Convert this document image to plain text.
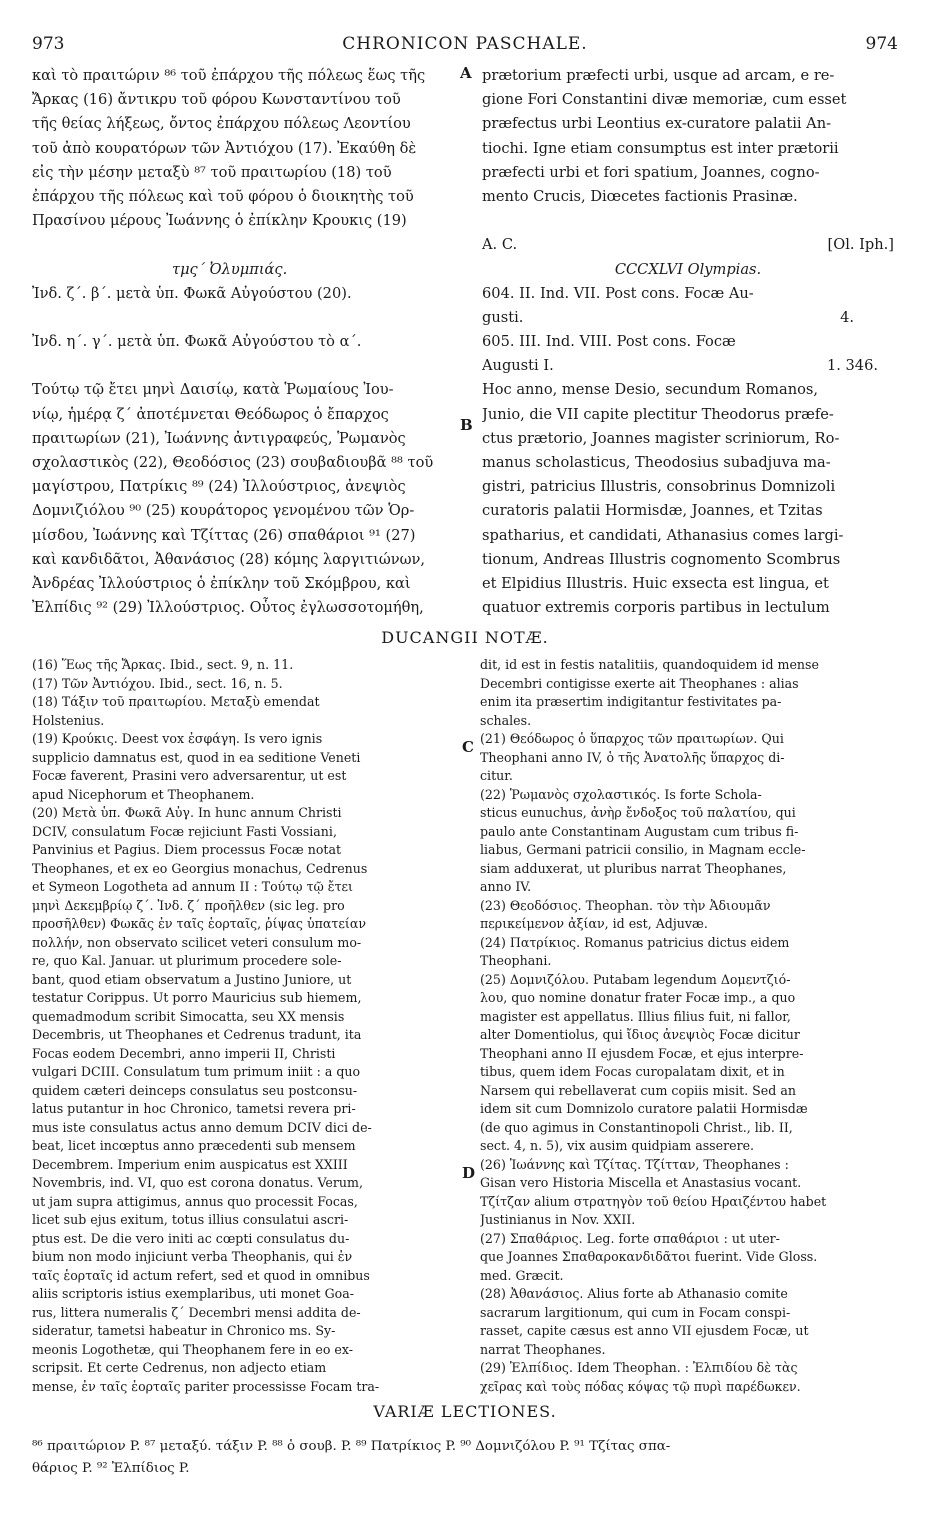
973	CHRONICON PASCHALE.	974
A
B
C
D
καὶ τὸ πραιτώριν ⁸⁶ τοῦ ἐπάρχου τῆς πόλεως ἕως τῆς
Ἄρκας (16) ἄντικρυ τοῦ φόρου Κωνσταντίνου τοῦ
τῆς θείας λήξεως, ὄντος ἐπάρχου πόλεως Λεοντίου
τοῦ ἀπὸ κουρατόρων τῶν Ἀντιόχου (17). Ἐκαύθη δὲ
εἰς τὴν μέσην μεταξὺ ⁸⁷ τοῦ πραιτωρίου (18) τοῦ
ἐπάρχου τῆς πόλεως καὶ τοῦ φόρου ὁ διοικητὴς τοῦ
Πρασίνου μέρους Ἰωάννης ὁ ἐπίκλην Κρουκις (19)
τμς´ Ὀλυμπιάς.
Ἰνδ. ζ´. β´. μετὰ ὑπ. Φωκᾶ Αὐγούστου (20).
Ἰνδ. η´. γ´. μετὰ ὑπ. Φωκᾶ Αὐγούστου τὸ α´.
Τούτῳ τῷ ἔτει μηνὶ Δαισίῳ, κατὰ Ῥωμαίους Ἰου-
νίῳ, ἡμέρᾳ ζ´ ἀποτέμνεται Θεόδωρος ὁ ἔπαρχος
πραιτωρίων (21), Ἰωάννης ἀντιγραφεύς, Ῥωμανὸς
σχολαστικὸς (22), Θεοδόσιος (23) σουβαδιουβᾶ ⁸⁸ τοῦ
μαγίστρου, Πατρίκις ⁸⁹ (24) Ἰλλούστριος, ἀνεψιὸς
Δομνιζιόλου ⁹⁰ (25) κουράτορος γενομένου τῶν Ὁρ-
μίσδου, Ἰωάννης καὶ Τζίττας (26) σπαθάριοι ⁹¹ (27)
καὶ κανδιδᾶτοι, Ἀθανάσιος (28) κόμης λαργιτιώνων,
Ἀνδρέας Ἰλλούστριος ὁ ἐπίκλην τοῦ Σκόμβρου, καὶ
Ἐλπίδις ⁹² (29) Ἰλλούστριος. Οὗτος ἐγλωσσοτομήθη,
prætorium præfecti urbi, usque ad arcam, e re-
gione Fori Constantini divæ memoriæ, cum esset
præfectus urbi Leontius ex-curatore palatii An-
tiochi. Igne etiam consumptus est inter prætorii
præfecti urbi et fori spatium, Joannes, cogno-
mento Crucis, Diœcetes factionis Prasinæ.
A. C.	[Ol. Iph.]
CCCXLVI Olympias.
604. II. Ind. VII. Post cons. Focæ Au-
gusti.	4.
605. III. Ind. VIII. Post cons. Focæ
Augusti I.	1. 346.
Hoc anno, mense Desio, secundum Romanos,
Junio, die VII capite plectitur Theodorus præfe-
ctus prætorio, Joannes magister scriniorum, Ro-
manus scholasticus, Theodosius subadjuva ma-
gistri, patricius Illustris, consobrinus Domnizoli
curatoris palatii Hormisdæ, Joannes, et Tzitas
spatharius, et candidati, Athanasius comes largi-
tionum, Andreas Illustris cognomento Scombrus
et Elpidius Illustris. Huic exsecta est lingua, et
quatuor extremis corporis partibus in lectulum
DUCANGII NOTÆ.
(16) Ἕως τῆς Ἄρκας. Ibid., sect. 9, n. 11.
(17) Τῶν Ἀντιόχου. Ibid., sect. 16, n. 5.
(18) Τάξιν τοῦ πραιτωρίου. Μεταξὺ emendat
Holstenius.
(19) Κρούκις. Deest vox ἐσφάγη. Is vero ignis
supplicio damnatus est, quod in ea seditione Veneti
Focæ faverent, Prasini vero adversarentur, ut est
apud Nicephorum et Theophanem.
(20) Μετὰ ὑπ. Φωκᾶ Αὐγ. In hunc annum Christi
DCIV, consulatum Focæ rejiciunt Fasti Vossiani,
Panvinius et Pagius. Diem processus Focæ notat
Theophanes, et ex eo Georgius monachus, Cedrenus
et Symeon Logotheta ad annum II : Τούτῳ τῷ ἔτει
μηνὶ Δεκεμβρίῳ ζ´. Ἰνδ. ζ´ προῆλθεν (sic leg. pro
προσῆλθεν) Φωκᾶς ἐν ταῖς ἑορταῖς, ῥίψας ὑπατείαν
πολλήν, non observato scilicet veteri consulum mo-
re, quo Kal. Januar. ut plurimum procedere sole-
bant, quod etiam observatum a Justino Juniore, ut
testatur Corippus. Ut porro Mauricius sub hiemem,
quemadmodum scribit Simocatta, seu XX mensis
Decembris, ut Theophanes et Cedrenus tradunt, ita
Focas eodem Decembri, anno imperii II, Christi
vulgari DCIII. Consulatum tum primum iniit : a quo
quidem cæteri deinceps consulatus seu postconsu-
latus putantur in hoc Chronico, tametsi revera pri-
mus iste consulatus actus anno demum DCIV dici de-
beat, licet incœptus anno præcedenti sub mensem
Decembrem. Imperium enim auspicatus est XXIII
Novembris, ind. VI, quo est corona donatus. Verum,
ut jam supra attigimus, annus quo processit Focas,
licet sub ejus exitum, totus illius consulatui ascri-
ptus est. De die vero initi ac cœpti consulatus du-
bium non modo injiciunt verba Theophanis, qui ἐν
ταῖς ἑορταῖς id actum refert, sed et quod in omnibus
aliis scriptoris istius exemplaribus, uti monet Goa-
rus, littera numeralis ζ´ Decembri mensi addita de-
sideratur, tametsi habeatur in Chronico ms. Sy-
meonis Logothetæ, qui Theophanem fere in eo ex-
scripsit. Et certe Cedrenus, non adjecto etiam
mense, ἐν ταῖς ἑορταῖς pariter processisse Focam tra-
dit, id est in festis natalitiis, quandoquidem id mense
Decembri contigisse exerte ait Theophanes : alias
enim ita præsertim indigitantur festivitates pa-
schales.
(21) Θεόδωρος ὁ ὕπαρχος τῶν πραιτωρίων. Qui
Theophani anno IV, ὁ τῆς Ἀνατολῆς ὕπαρχος di-
citur.
(22) Ῥωμανὸς σχολαστικός. Is forte Schola-
sticus eunuchus, ἀνὴρ ἔνδοξος τοῦ παλατίου, qui
paulo ante Constantinam Augustam cum tribus fi-
liabus, Germani patricii consilio, in Magnam eccle-
siam adduxerat, ut pluribus narrat Theophanes,
anno IV.
(23) Θεοδόσιος. Theophan. τὸν τὴν Ἀδιουμᾶν
περικείμενον ἀξίαν, id est, Adjuvæ.
(24) Πατρίκιος. Romanus patricius dictus eidem
Theophani.
(25) Δομνιζόλου. Putabam legendum Δομεντζιό-
λου, quo nomine donatur frater Focæ imp., a quo
magister est appellatus. Illius filius fuit, ni fallor,
alter Domentiolus, qui ἴδιος ἀνεψιὸς Focæ dicitur
Theophani anno II ejusdem Focæ, et ejus interpre-
tibus, quem idem Focas curopalatam dixit, et in
Narsem qui rebellaverat cum copiis misit. Sed an
idem sit cum Domnizolo curatore palatii Hormisdæ
(de quo agimus in Constantinopoli Christ., lib. II,
sect. 4, n. 5), vix ausim quidpiam asserere.
(26) Ἰωάννης καὶ Τζίτας. Τζίτταν, Theophanes :
Gisan vero Historia Miscella et Anastasius vocant.
Τζίτζαν alium στρατηγὸν τοῦ θείου Ηραιζέντου habet
Justinianus in Nov. XXII.
(27) Σπαθάριος. Leg. forte σπαθάριοι : ut uter-
que Joannes Σπαθαροκανδιδᾶτοι fuerint. Vide Gloss.
med. Græcit.
(28) Ἀθανάσιος. Alius forte ab Athanasio comite
sacrarum largitionum, qui cum in Focam conspi-
rasset, capite cæsus est anno VII ejusdem Focæ, ut
narrat Theophanes.
(29) Ἐλπίδιος. Idem Theophan. : Ἐλπιδίου δὲ τὰς
χεῖρας καὶ τοὺς πόδας κόψας τῷ πυρὶ παρέδωκεν.
VARIÆ LECTIONES.
⁸⁶ πραιτώριον P. ⁸⁷ μεταξύ. τάξιν P. ⁸⁸ ὁ σουβ. P. ⁸⁹ Πατρίκιος P. ⁹⁰ Δομνιζόλου P. ⁹¹ Τζίτας σπα-
θάριος P. ⁹² Ἐλπίδιος P.
